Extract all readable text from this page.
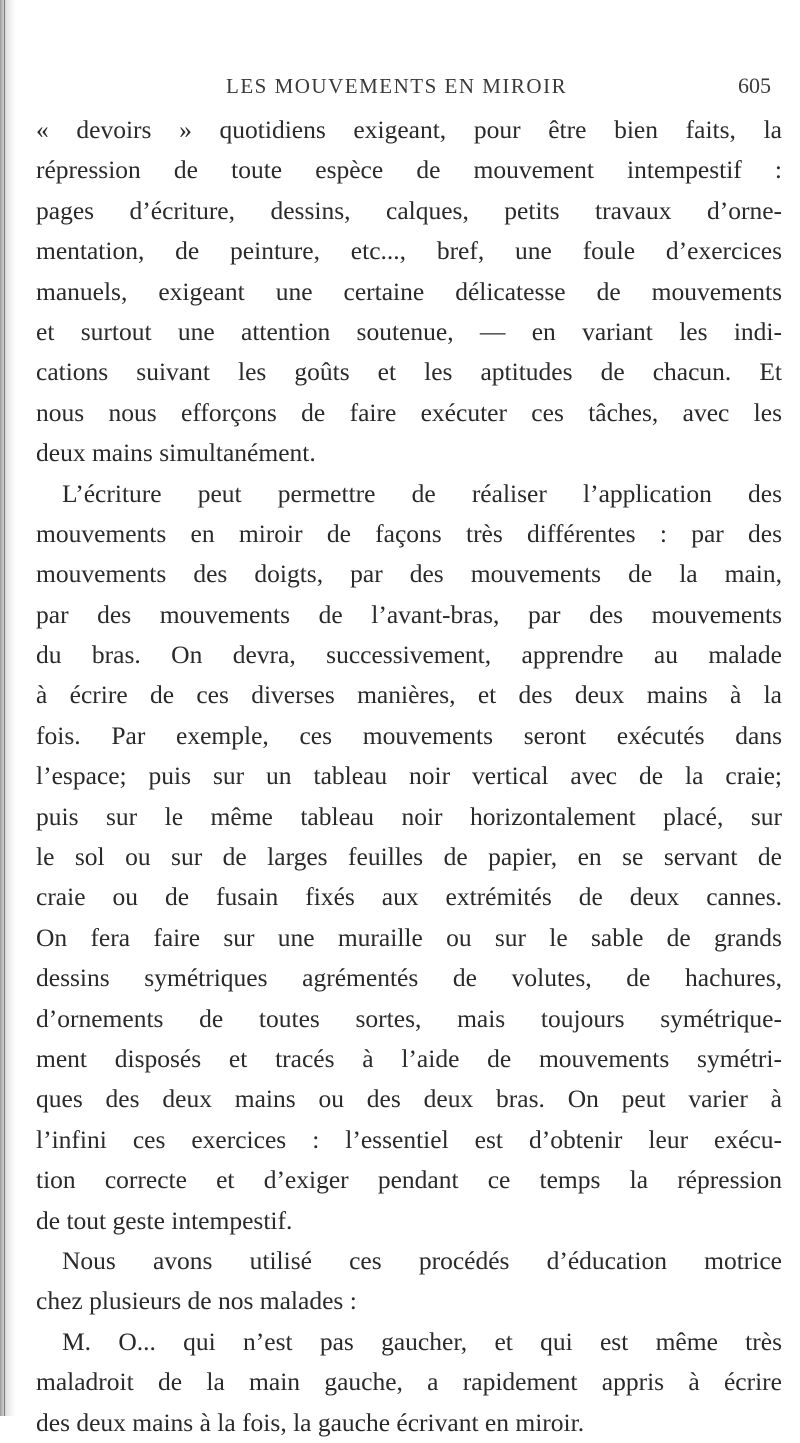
LES MOUVEMENTS EN MIROIR	605
« devoirs » quotidiens exigeant, pour être bien faits, la
répression de toute espèce de mouvement intempestif :
pages d’écriture, dessins, calques, petits travaux d’orne-
mentation, de peinture, etc..., bref, une foule d’exercices
manuels, exigeant une certaine délicatesse de mouvements
et surtout une attention soutenue, — en variant les indi-
cations suivant les goûts et les aptitudes de chacun. Et
nous nous efforçons de faire exécuter ces tâches, avec les
deux mains simultanément.
L’écriture peut permettre de réaliser l’application des
mouvements en miroir de façons très différentes : par des
mouvements des doigts, par des mouvements de la main,
par des mouvements de l’avant-bras, par des mouvements
du bras. On devra, successivement, apprendre au malade
à écrire de ces diverses manières, et des deux mains à la
fois. Par exemple, ces mouvements seront exécutés dans
l’espace; puis sur un tableau noir vertical avec de la craie;
puis sur le même tableau noir horizontalement placé, sur
le sol ou sur de larges feuilles de papier, en se servant de
craie ou de fusain fixés aux extrémités de deux cannes.
On fera faire sur une muraille ou sur le sable de grands
dessins symétriques agrémentés de volutes, de hachures,
d’ornements de toutes sortes, mais toujours symétrique-
ment disposés et tracés à l’aide de mouvements symétri-
ques des deux mains ou des deux bras. On peut varier à
l’infini ces exercices : l’essentiel est d’obtenir leur exécu-
tion correcte et d’exiger pendant ce temps la répression
de tout geste intempestif.
Nous avons utilisé ces procédés d’éducation motrice
chez plusieurs de nos malades :
M. O... qui n’est pas gaucher, et qui est même très
maladroit de la main gauche, a rapidement appris à écrire
des deux mains à la fois, la gauche écrivant en miroir.
